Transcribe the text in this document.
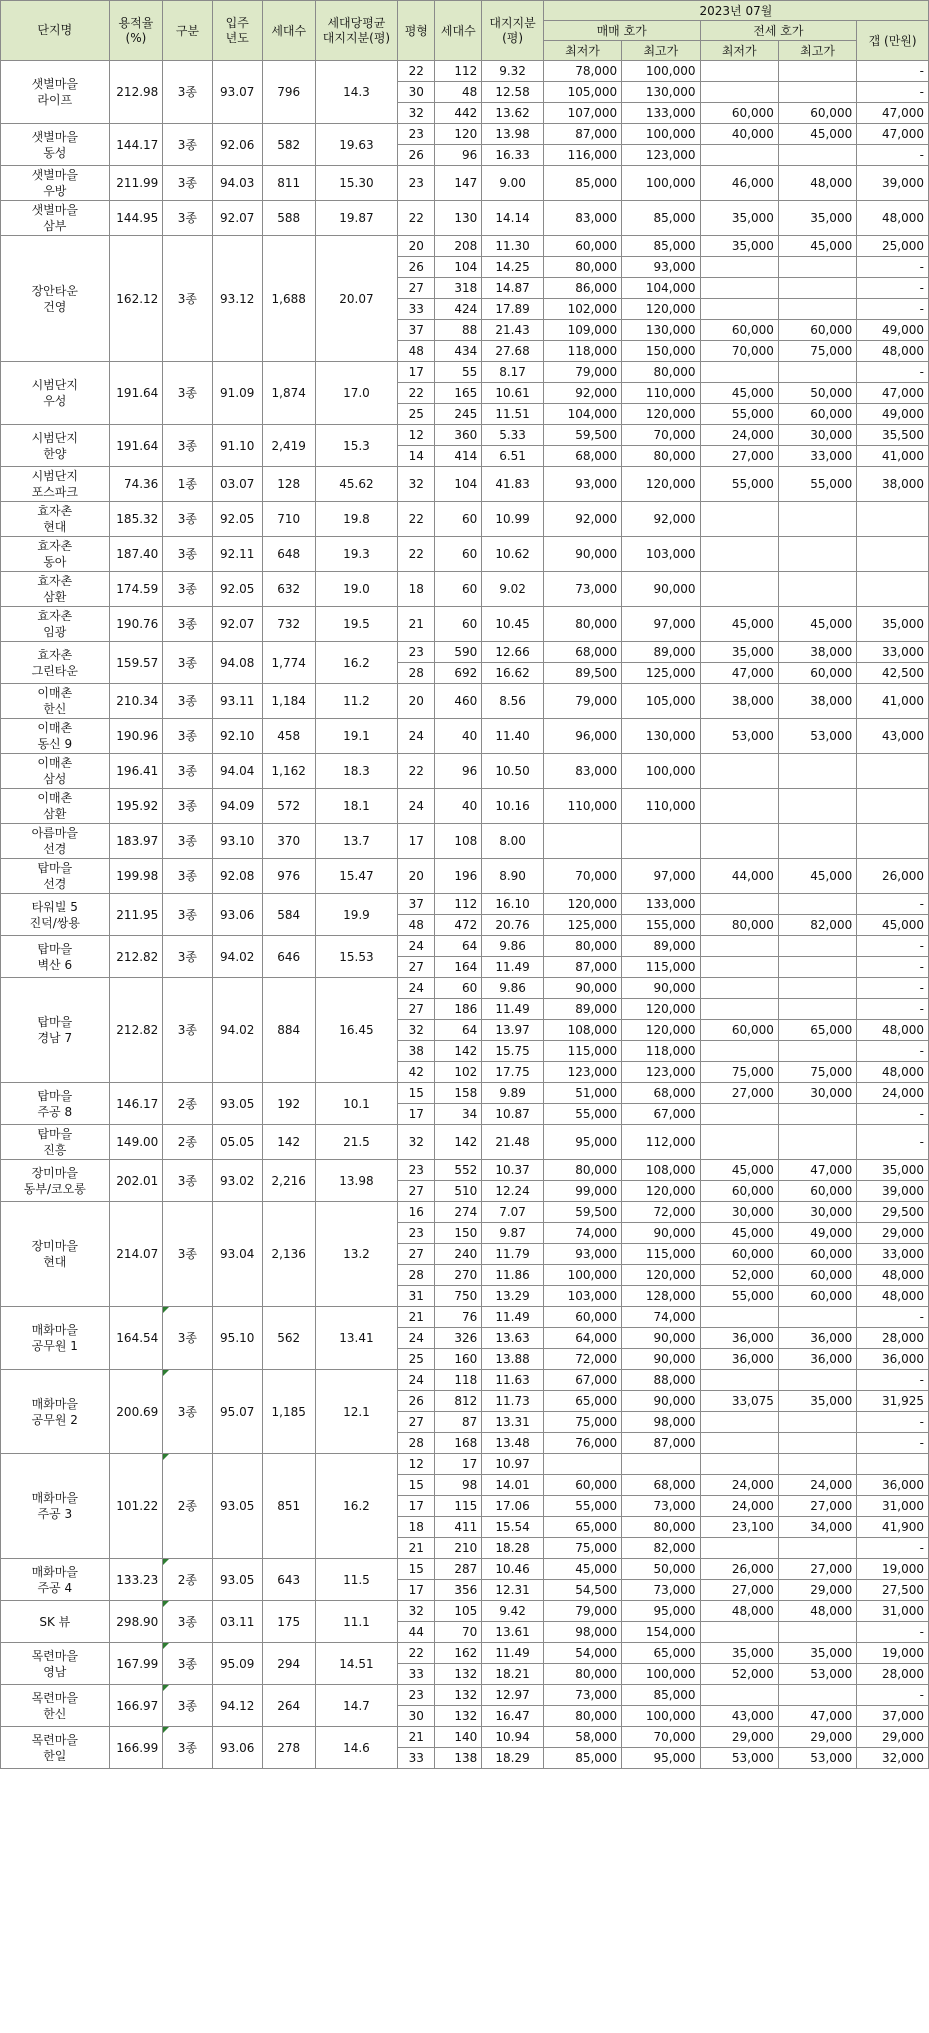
단지명	용적율
(%)	구분	입주
년도	세대수	세대당평균
대지지분(평)	평형	세대수	대지지분
(평)	2023년 07월				
									매매 호가		전세 호가		갭 (만원)
									최저가	최고가	최저가	최고가	
샛별마을
라이프	212.98	3종	93.07	796	14.3	22	112	9.32	78,000	100,000			-
						30	48	12.58	105,000	130,000			-
						32	442	13.62	107,000	133,000	60,000	60,000	47,000
샛별마을
동성	144.17	3종	92.06	582	19.63	23	120	13.98	87,000	100,000	40,000	45,000	47,000
						26	96	16.33	116,000	123,000			-
샛별마을
우방	211.99	3종	94.03	811	15.30	23	147	9.00	85,000	100,000	46,000	48,000	39,000
샛별마을
삼부	144.95	3종	92.07	588	19.87	22	130	14.14	83,000	85,000	35,000	35,000	48,000
장안타운
건영	162.12	3종	93.12	1,688	20.07	20	208	11.30	60,000	85,000	35,000	45,000	25,000
						26	104	14.25	80,000	93,000			-
						27	318	14.87	86,000	104,000			-
						33	424	17.89	102,000	120,000			-
						37	88	21.43	109,000	130,000	60,000	60,000	49,000
						48	434	27.68	118,000	150,000	70,000	75,000	48,000
시범단지
우성	191.64	3종	91.09	1,874	17.0	17	55	8.17	79,000	80,000			-
						22	165	10.61	92,000	110,000	45,000	50,000	47,000
						25	245	11.51	104,000	120,000	55,000	60,000	49,000
시범단지
한양	191.64	3종	91.10	2,419	15.3	12	360	5.33	59,500	70,000	24,000	30,000	35,500
						14	414	6.51	68,000	80,000	27,000	33,000	41,000
시범단지
포스파크	74.36	1종	03.07	128	45.62	32	104	41.83	93,000	120,000	55,000	55,000	38,000
효자촌
현대	185.32	3종	92.05	710	19.8	22	60	10.99	92,000	92,000			
효자촌
동아	187.40	3종	92.11	648	19.3	22	60	10.62	90,000	103,000			
효자촌
삼환	174.59	3종	92.05	632	19.0	18	60	9.02	73,000	90,000			
효자촌
임광	190.76	3종	92.07	732	19.5	21	60	10.45	80,000	97,000	45,000	45,000	35,000
효자촌
그린타운	159.57	3종	94.08	1,774	16.2	23	590	12.66	68,000	89,000	35,000	38,000	33,000
						28	692	16.62	89,500	125,000	47,000	60,000	42,500
이매촌
한신	210.34	3종	93.11	1,184	11.2	20	460	8.56	79,000	105,000	38,000	38,000	41,000
이매촌
동신 9	190.96	3종	92.10	458	19.1	24	40	11.40	96,000	130,000	53,000	53,000	43,000
이매촌
삼성	196.41	3종	94.04	1,162	18.3	22	96	10.50	83,000	100,000			
이매촌
삼환	195.92	3종	94.09	572	18.1	24	40	10.16	110,000	110,000			
아름마을
선경	183.97	3종	93.10	370	13.7	17	108	8.00					
탑마을
선경	199.98	3종	92.08	976	15.47	20	196	8.90	70,000	97,000	44,000	45,000	26,000
타워빌 5
진덕/쌍용	211.95	3종	93.06	584	19.9	37	112	16.10	120,000	133,000			-
						48	472	20.76	125,000	155,000	80,000	82,000	45,000
탑마을
벽산 6	212.82	3종	94.02	646	15.53	24	64	9.86	80,000	89,000			-
						27	164	11.49	87,000	115,000			-
탑마을
경남 7	212.82	3종	94.02	884	16.45	24	60	9.86	90,000	90,000			-
						27	186	11.49	89,000	120,000			-
						32	64	13.97	108,000	120,000	60,000	65,000	48,000
						38	142	15.75	115,000	118,000			-
						42	102	17.75	123,000	123,000	75,000	75,000	48,000
탑마을
주공 8	146.17	2종	93.05	192	10.1	15	158	9.89	51,000	68,000	27,000	30,000	24,000
						17	34	10.87	55,000	67,000			-
탑마을
진흥	149.00	2종	05.05	142	21.5	32	142	21.48	95,000	112,000			-
장미마을
동부/코오롱	202.01	3종	93.02	2,216	13.98	23	552	10.37	80,000	108,000	45,000	47,000	35,000
						27	510	12.24	99,000	120,000	60,000	60,000	39,000
장미마을
현대	214.07	3종	93.04	2,136	13.2	16	274	7.07	59,500	72,000	30,000	30,000	29,500
						23	150	9.87	74,000	90,000	45,000	49,000	29,000
						27	240	11.79	93,000	115,000	60,000	60,000	33,000
						28	270	11.86	100,000	120,000	52,000	60,000	48,000
						31	750	13.29	103,000	128,000	55,000	60,000	48,000
매화마을
공무원 1	164.54	3종	95.10	562	13.41	21	76	11.49	60,000	74,000			-
						24	326	13.63	64,000	90,000	36,000	36,000	28,000
						25	160	13.88	72,000	90,000	36,000	36,000	36,000
매화마을
공무원 2	200.69	3종	95.07	1,185	12.1	24	118	11.63	67,000	88,000			-
						26	812	11.73	65,000	90,000	33,075	35,000	31,925
						27	87	13.31	75,000	98,000			-
						28	168	13.48	76,000	87,000			-
매화마을
주공 3	101.22	2종	93.05	851	16.2	12	17	10.97					
						15	98	14.01	60,000	68,000	24,000	24,000	36,000
						17	115	17.06	55,000	73,000	24,000	27,000	31,000
						18	411	15.54	65,000	80,000	23,100	34,000	41,900
						21	210	18.28	75,000	82,000			-
매화마을
주공 4	133.23	2종	93.05	643	11.5	15	287	10.46	45,000	50,000	26,000	27,000	19,000
						17	356	12.31	54,500	73,000	27,000	29,000	27,500
SK 뷰	298.90	3종	03.11	175	11.1	32	105	9.42	79,000	95,000	48,000	48,000	31,000
						44	70	13.61	98,000	154,000			-
목련마을
영남	167.99	3종	95.09	294	14.51	22	162	11.49	54,000	65,000	35,000	35,000	19,000
						33	132	18.21	80,000	100,000	52,000	53,000	28,000
목련마을
한신	166.97	3종	94.12	264	14.7	23	132	12.97	73,000	85,000			-
						30	132	16.47	80,000	100,000	43,000	47,000	37,000
목련마을
한일	166.99	3종	93.06	278	14.6	21	140	10.94	58,000	70,000	29,000	29,000	29,000
						33	138	18.29	85,000	95,000	53,000	53,000	32,000
